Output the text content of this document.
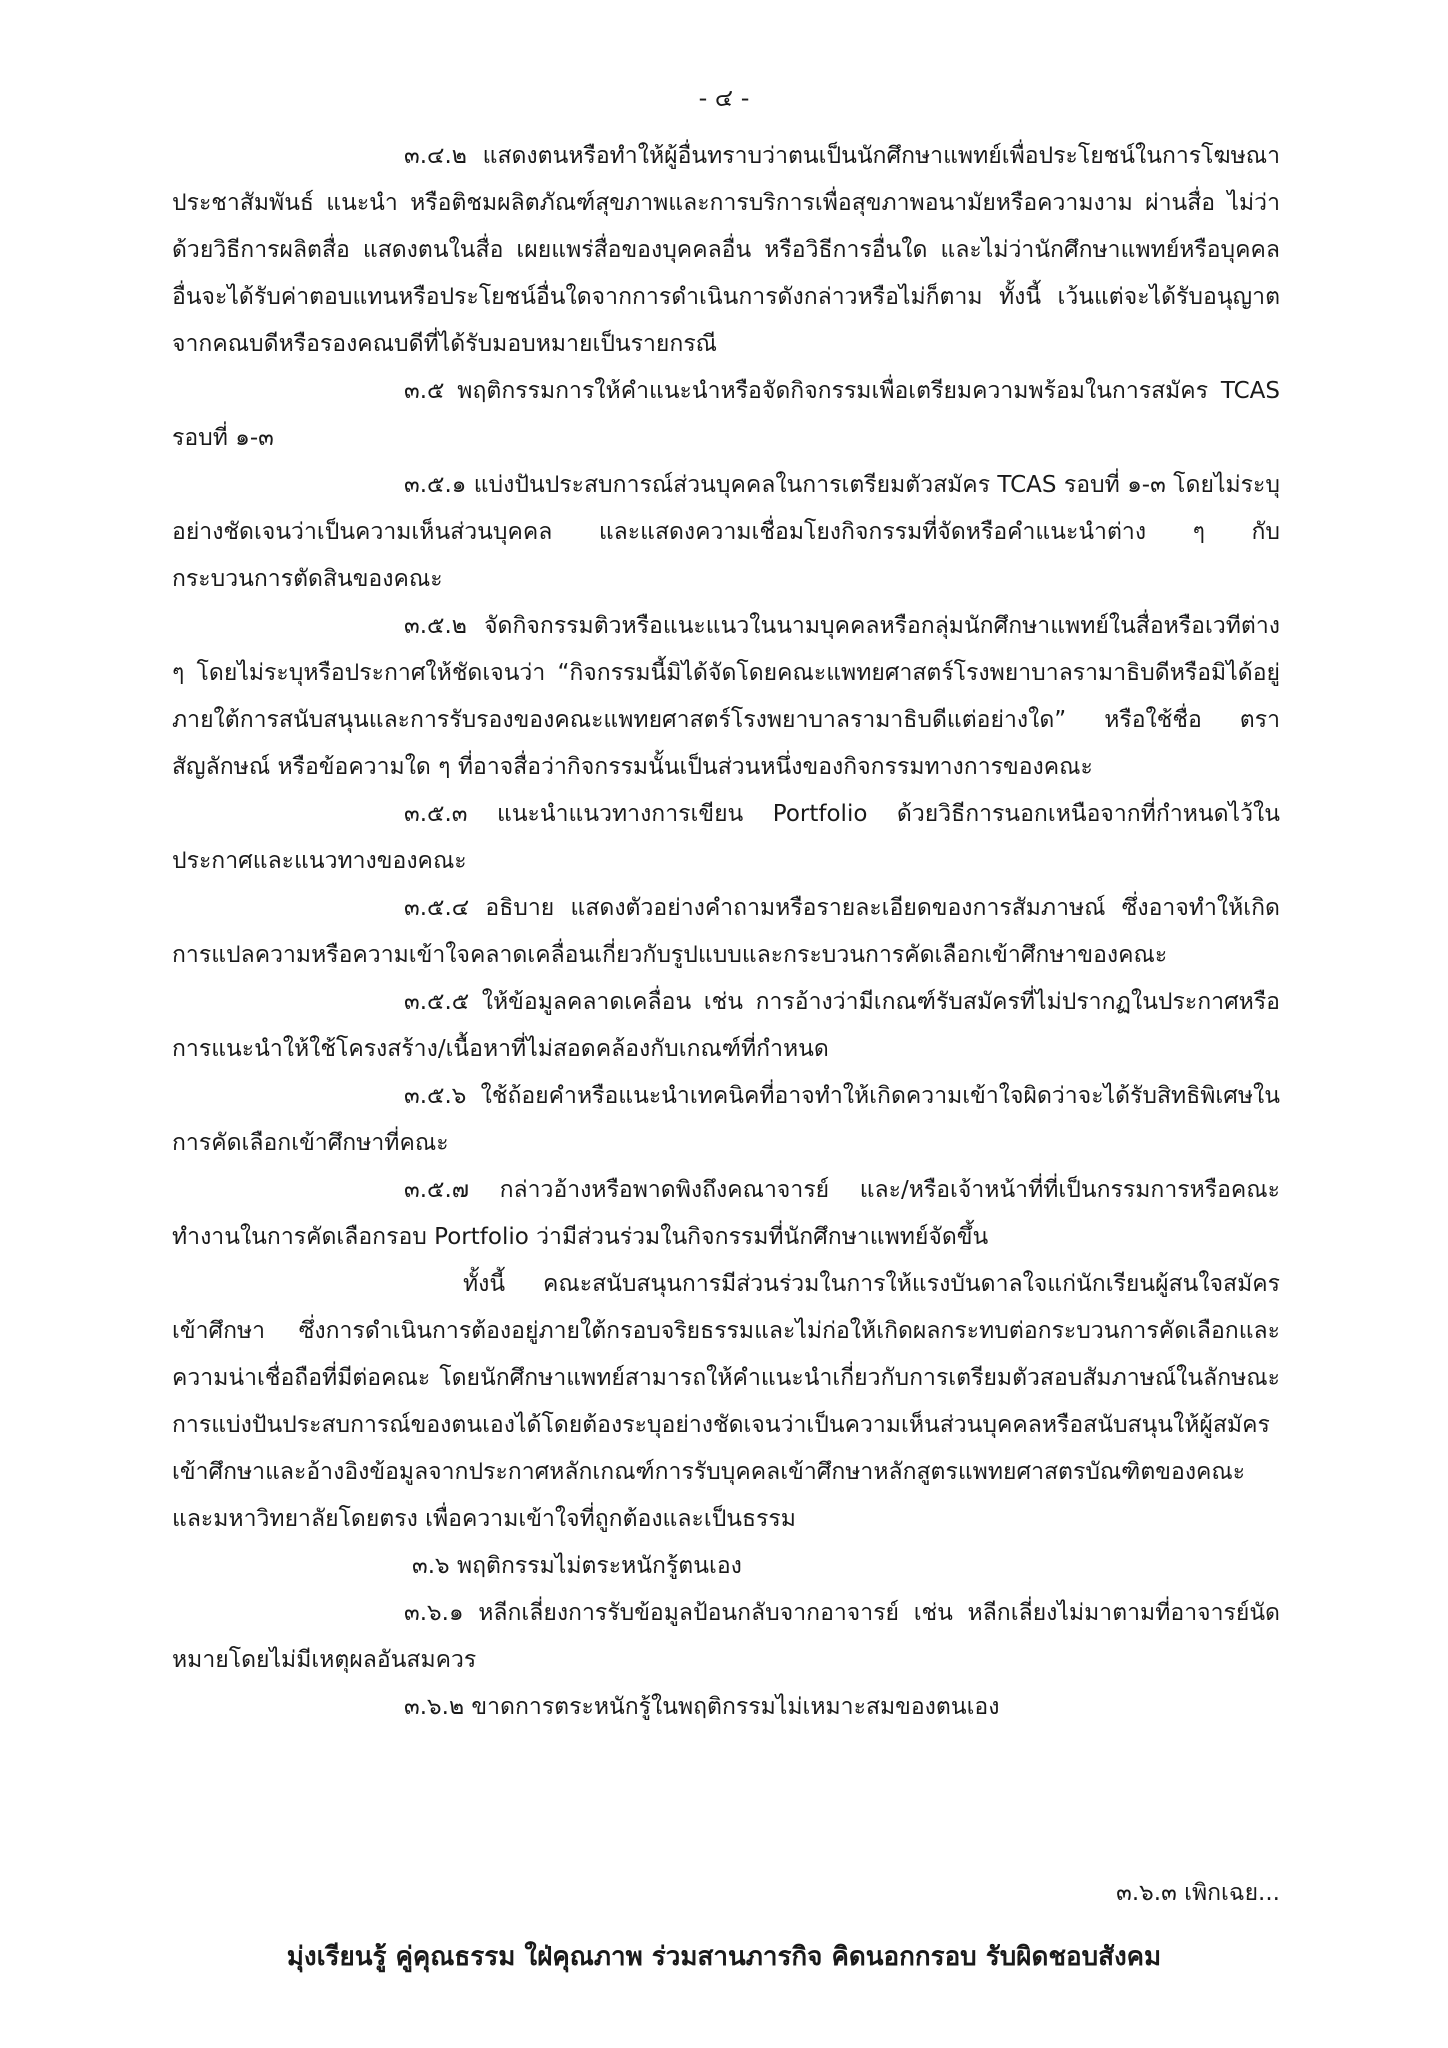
- ๔ -

๓.๔.๒ แสดงตนหรือทำให้ผู้อื่นทราบว่าตนเป็นนักศึกษาแพทย์เพื่อประโยชน์ในการโฆษณาประชาสัมพันธ์ แนะนำ หรือติชมผลิตภัณฑ์สุขภาพและการบริการเพื่อสุขภาพอนามัยหรือความงาม ผ่านสื่อ ไม่ว่าด้วยวิธีการผลิตสื่อ แสดงตนในสื่อ เผยแพร่สื่อของบุคคลอื่น หรือวิธีการอื่นใด และไม่ว่านักศึกษาแพทย์หรือบุคคลอื่นจะได้รับค่าตอบแทนหรือประโยชน์อื่นใดจากการดำเนินการดังกล่าวหรือไม่ก็ตาม ทั้งนี้ เว้นแต่จะได้รับอนุญาตจากคณบดีหรือรองคณบดีที่ได้รับมอบหมายเป็นรายกรณี

๓.๕ พฤติกรรมการให้คำแนะนำหรือจัดกิจกรรมเพื่อเตรียมความพร้อมในการสมัคร TCAS รอบที่ ๑-๓

๓.๕.๑ แบ่งปันประสบการณ์ส่วนบุคคลในการเตรียมตัวสมัคร TCAS รอบที่ ๑-๓ โดยไม่ระบุอย่างชัดเจนว่าเป็นความเห็นส่วนบุคคล และแสดงความเชื่อมโยงกิจกรรมที่จัดหรือคำแนะนำต่าง ๆ กับกระบวนการตัดสินของคณะ

๓.๕.๒ จัดกิจกรรมติวหรือแนะแนวในนามบุคคลหรือกลุ่มนักศึกษาแพทย์ในสื่อหรือเวทีต่าง ๆ โดยไม่ระบุหรือประกาศให้ชัดเจนว่า “กิจกรรมนี้มิได้จัดโดยคณะแพทยศาสตร์โรงพยาบาลรามาธิบดีหรือมิได้อยู่ภายใต้การสนับสนุนและการรับรองของคณะแพทยศาสตร์โรงพยาบาลรามาธิบดีแต่อย่างใด” หรือใช้ชื่อ ตราสัญลักษณ์ หรือข้อความใด ๆ ที่อาจสื่อว่ากิจกรรมนั้นเป็นส่วนหนึ่งของกิจกรรมทางการของคณะ

๓.๕.๓ แนะนำแนวทางการเขียน Portfolio ด้วยวิธีการนอกเหนือจากที่กำหนดไว้ในประกาศและแนวทางของคณะ

๓.๕.๔ อธิบาย แสดงตัวอย่างคำถามหรือรายละเอียดของการสัมภาษณ์ ซึ่งอาจทำให้เกิดการแปลความหรือความเข้าใจคลาดเคลื่อนเกี่ยวกับรูปแบบและกระบวนการคัดเลือกเข้าศึกษาของคณะ

๓.๕.๕ ให้ข้อมูลคลาดเคลื่อน เช่น การอ้างว่ามีเกณฑ์รับสมัครที่ไม่ปรากฏในประกาศหรือการแนะนำให้ใช้โครงสร้าง/เนื้อหาที่ไม่สอดคล้องกับเกณฑ์ที่กำหนด

๓.๕.๖ ใช้ถ้อยคำหรือแนะนำเทคนิคที่อาจทำให้เกิดความเข้าใจผิดว่าจะได้รับสิทธิพิเศษในการคัดเลือกเข้าศึกษาที่คณะ

๓.๕.๗ กล่าวอ้างหรือพาดพิงถึงคณาจารย์ และ/หรือเจ้าหน้าที่ที่เป็นกรรมการหรือคณะทำงานในการคัดเลือกรอบ Portfolio ว่ามีส่วนร่วมในกิจกรรมที่นักศึกษาแพทย์จัดขึ้น

ทั้งนี้ คณะสนับสนุนการมีส่วนร่วมในการให้แรงบันดาลใจแก่นักเรียนผู้สนใจสมัครเข้าศึกษา ซึ่งการดำเนินการต้องอยู่ภายใต้กรอบจริยธรรมและไม่ก่อให้เกิดผลกระทบต่อกระบวนการคัดเลือกและความน่าเชื่อถือที่มีต่อคณะ โดยนักศึกษาแพทย์สามารถให้คำแนะนำเกี่ยวกับการเตรียมตัวสอบสัมภาษณ์ในลักษณะการแบ่งปันประสบการณ์ของตนเองได้โดยต้องระบุอย่างชัดเจนว่าเป็นความเห็นส่วนบุคคลหรือสนับสนุนให้ผู้สมัครเข้าศึกษาและอ้างอิงข้อมูลจากประกาศหลักเกณฑ์การรับบุคคลเข้าศึกษาหลักสูตรแพทยศาสตรบัณฑิตของคณะและมหาวิทยาลัยโดยตรง เพื่อความเข้าใจที่ถูกต้องและเป็นธรรม

๓.๖ พฤติกรรมไม่ตระหนักรู้ตนเอง

๓.๖.๑ หลีกเลี่ยงการรับข้อมูลป้อนกลับจากอาจารย์ เช่น หลีกเลี่ยงไม่มาตามที่อาจารย์นัดหมายโดยไม่มีเหตุผลอันสมควร

๓.๖.๒ ขาดการตระหนักรู้ในพฤติกรรมไม่เหมาะสมของตนเอง

๓.๖.๓ เพิกเฉย...
มุ่งเรียนรู้ คู่คุณธรรม ใฝ่คุณภาพ ร่วมสานภารกิจ คิดนอกกรอบ รับผิดชอบสังคม
